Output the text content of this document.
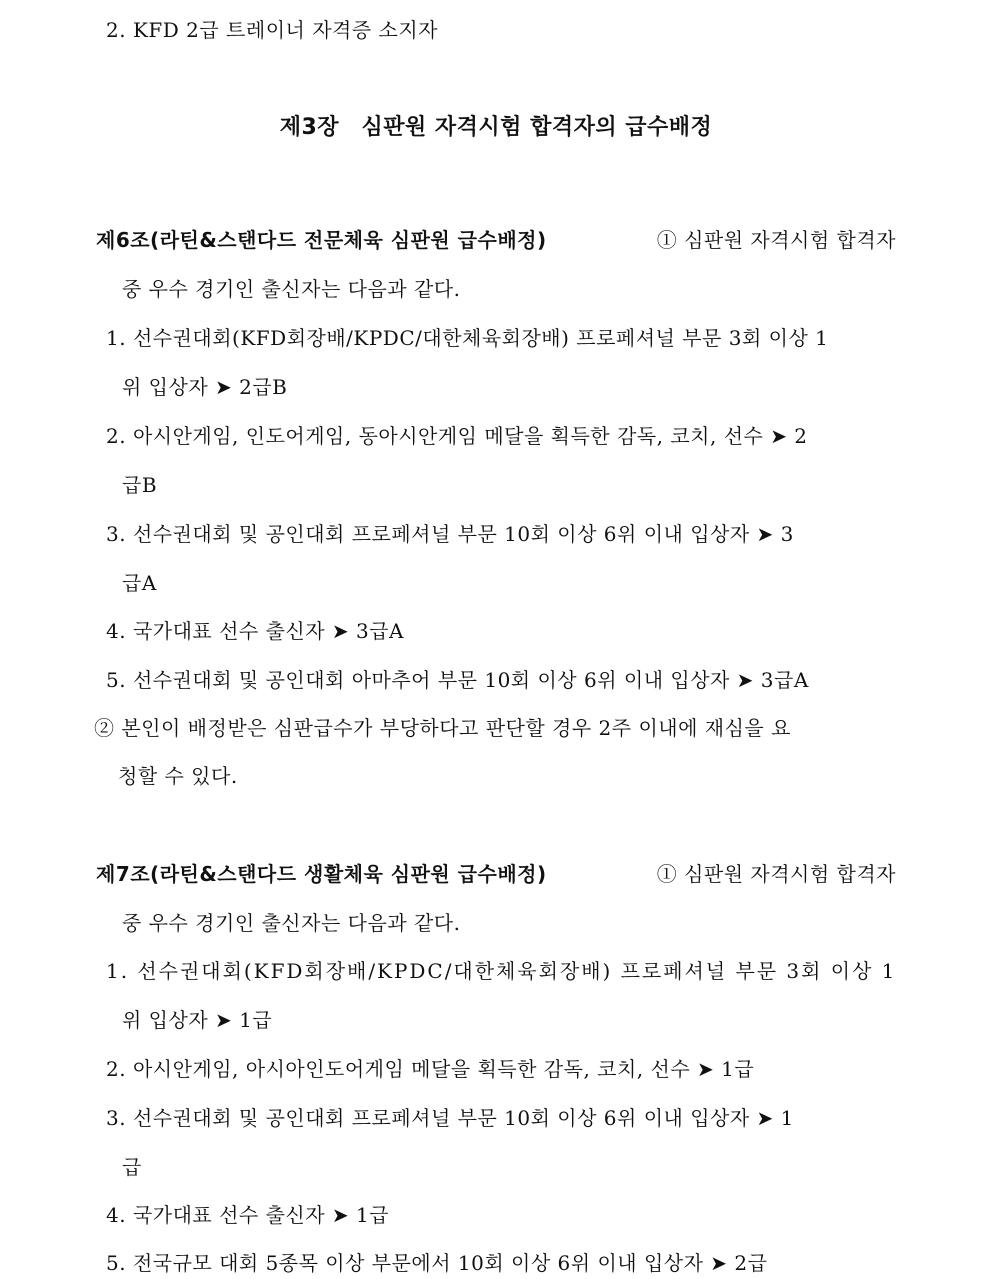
2. KFD 2급 트레이너 자격증 소지자
제3장　심판원 자격시험 합격자의 급수배정
제6조(라틴&스탠다드 전문체육 심판원 급수배정)	① 심판원 자격시험 합격자
중 우수 경기인 출신자는 다음과 같다.
1. 선수권대회(KFD회장배/KPDC/대한체육회장배) 프로페셔널 부문 3회 이상 1
위 입상자 ➤ 2급B
2. 아시안게임, 인도어게임, 동아시안게임 메달을 획득한 감독, 코치, 선수 ➤ 2
급B
3. 선수권대회 및 공인대회 프로페셔널 부문 10회 이상 6위 이내 입상자 ➤ 3
급A
4. 국가대표 선수 출신자 ➤ 3급A
5. 선수권대회 및 공인대회 아마추어 부문 10회 이상 6위 이내 입상자 ➤ 3급A
② 본인이 배정받은 심판급수가 부당하다고 판단할 경우 2주 이내에 재심을 요
청할 수 있다.
제7조(라틴&스탠다드 생활체육 심판원 급수배정)	① 심판원 자격시험 합격자
중 우수 경기인 출신자는 다음과 같다.
1. 선수권대회(KFD회장배/KPDC/대한체육회장배) 프로페셔널 부문 3회 이상 1
위 입상자 ➤ 1급
2. 아시안게임, 아시아인도어게임 메달을 획득한 감독, 코치, 선수 ➤ 1급
3. 선수권대회 및 공인대회 프로페셔널 부문 10회 이상 6위 이내 입상자 ➤ 1
급
4. 국가대표 선수 출신자 ➤ 1급
5. 전국규모 대회 5종목 이상 부문에서 10회 이상 6위 이내 입상자 ➤ 2급
